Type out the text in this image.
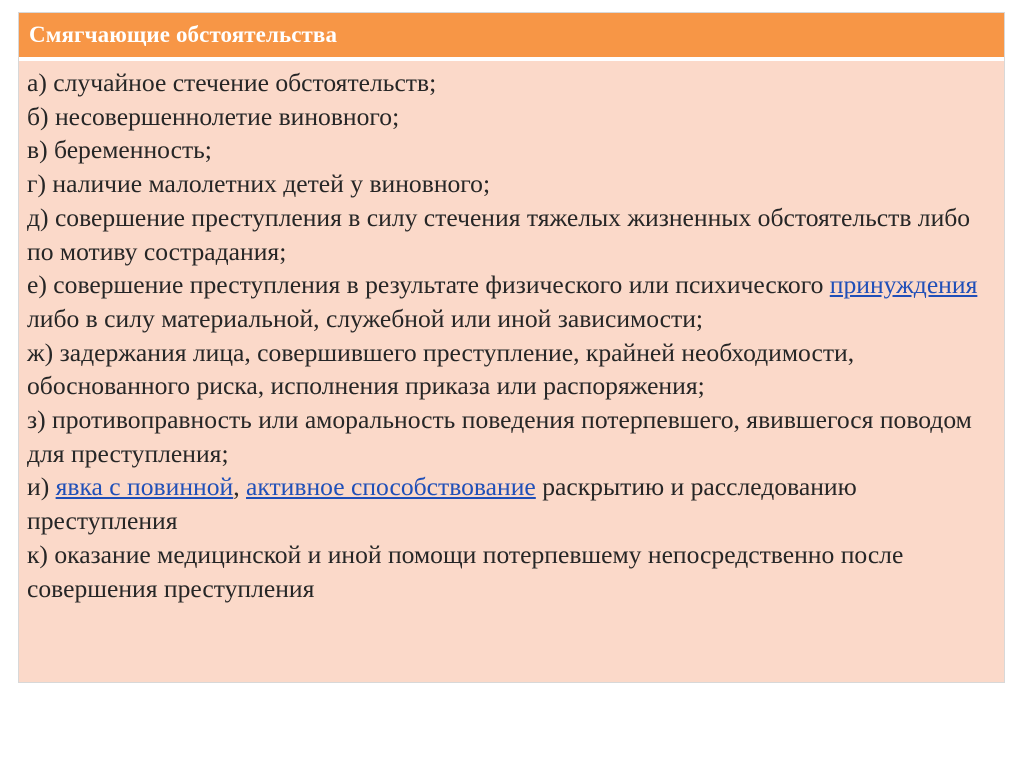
Смягчающие обстоятельства
а) случайное стечение обстоятельств;
б) несовершеннолетие виновного;
в) беременность;
г) наличие малолетних детей у виновного;
д) совершение преступления в силу стечения тяжелых жизненных обстоятельств либо по мотиву сострадания;
е) совершение преступления в результате физического или психического принуждения либо в силу материальной, служебной или иной зависимости;
ж) задержания лица, совершившего преступление, крайней необходимости, обоснованного риска, исполнения приказа или распоряжения;
з) противоправность или аморальность поведения потерпевшего, явившегося поводом для преступления;
и) явка с повинной, активное способствование раскрытию и расследованию преступления
к) оказание медицинской и иной помощи потерпевшему непосредственно после совершения преступления
